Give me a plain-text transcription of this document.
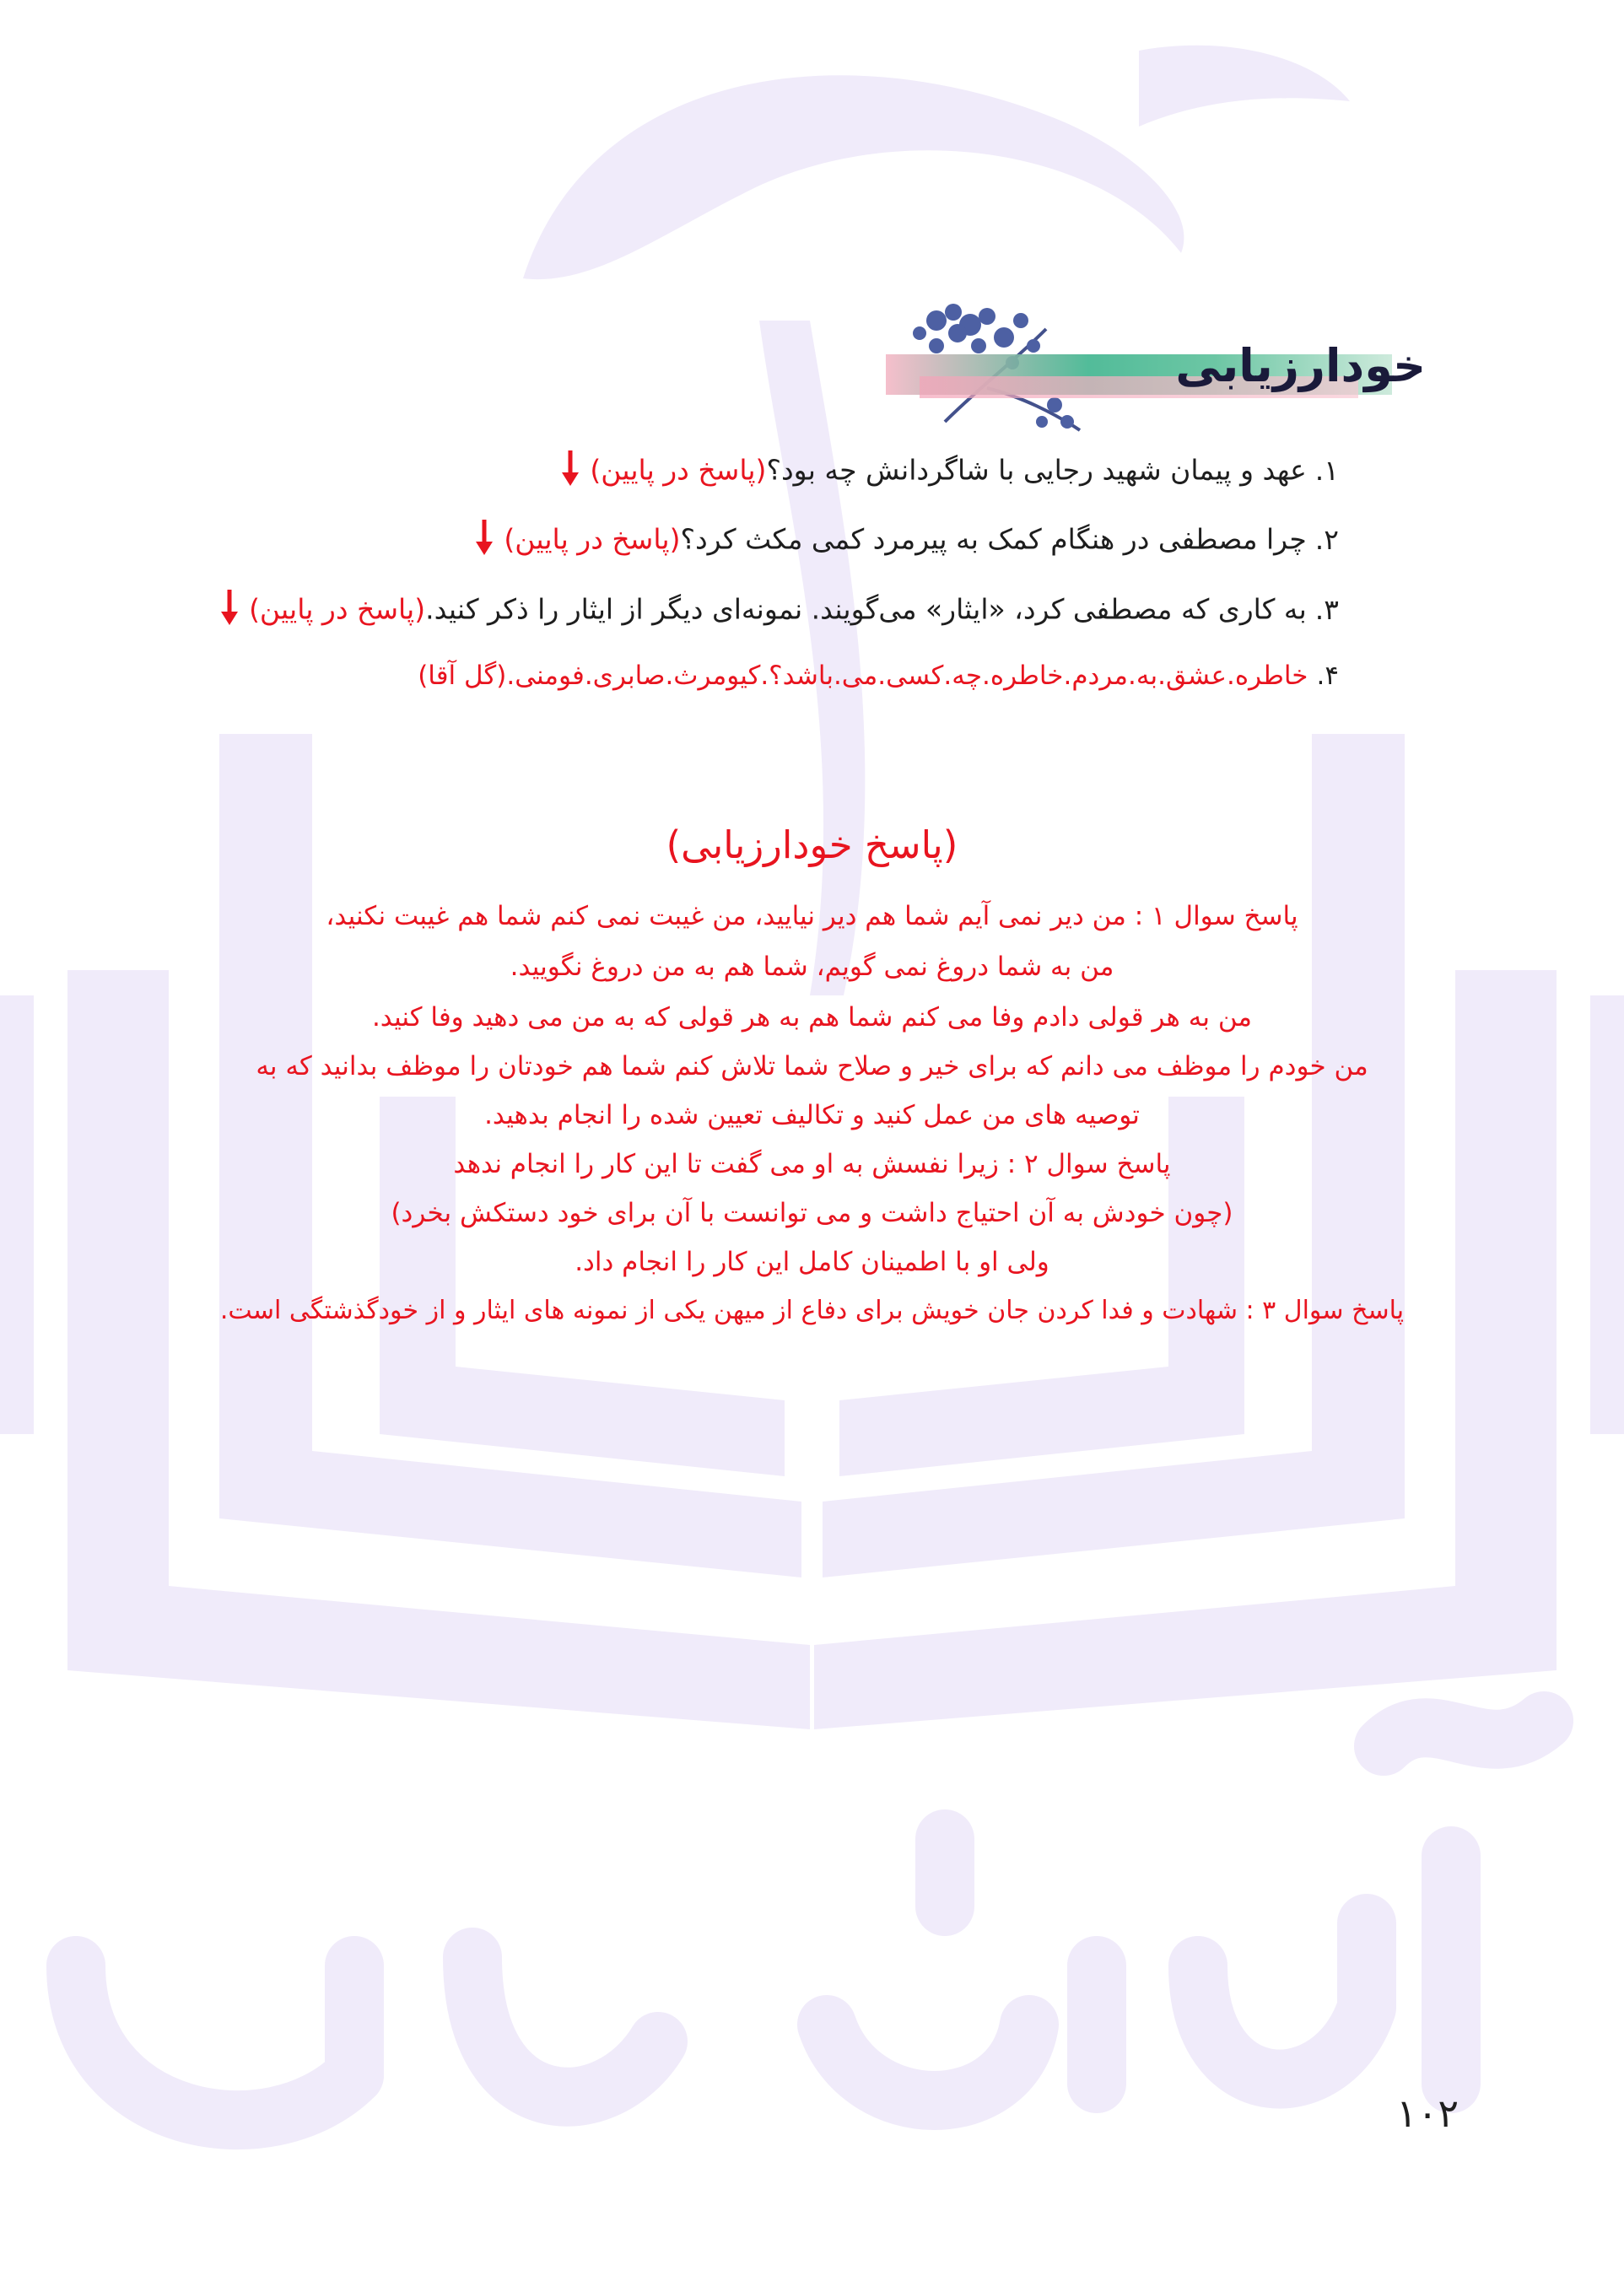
خودارزیابی
۱.عهد و پیمان شهید رجایی با شاگردانش چه بود؟(پاسخ در پایین)
۲.چرا مصطفی در هنگام کمک به پیرمرد کمی مکث کرد؟(پاسخ در پایین)
۳.به کاری که مصطفی کرد، «ایثار» می‌گویند. نمونه‌ای دیگر از ایثار را ذکر کنید.(پاسخ در پایین)
۴.خاطره.عشق.به.مردم.خاطره.چه.کسی.می.باشد؟.کیومرث.صابری.فومنی.(گل آقا)
(پاسخ خودارزیابی)
پاسخ سوال ۱ : من دیر نمی آیم شما هم دیر نیایید، من غیبت نمی کنم شما هم غیبت نکنید،
من به شما دروغ نمی گویم، شما هم به من دروغ نگویید.
من به هر قولی دادم وفا می کنم شما هم به هر قولی که به من می دهید وفا کنید.
من خودم را موظف می دانم که برای خیر و صلاح شما تلاش کنم شما هم خودتان را موظف بدانید که به
توصیه های من عمل کنید و تکالیف تعیین شده را انجام بدهید.
پاسخ سوال ۲ : زیرا نفسش به او می گفت تا این کار را انجام ندهد
(چون خودش به آن احتیاج داشت و می توانست با آن برای خود دستکش بخرد)
ولی او با اطمینان کامل این کار را انجام داد.
پاسخ سوال ۳ : شهادت و فدا کردن جان خویش برای دفاع از میهن یکی از نمونه های ایثار و از خودگذشتگی است.
۱۰۲
